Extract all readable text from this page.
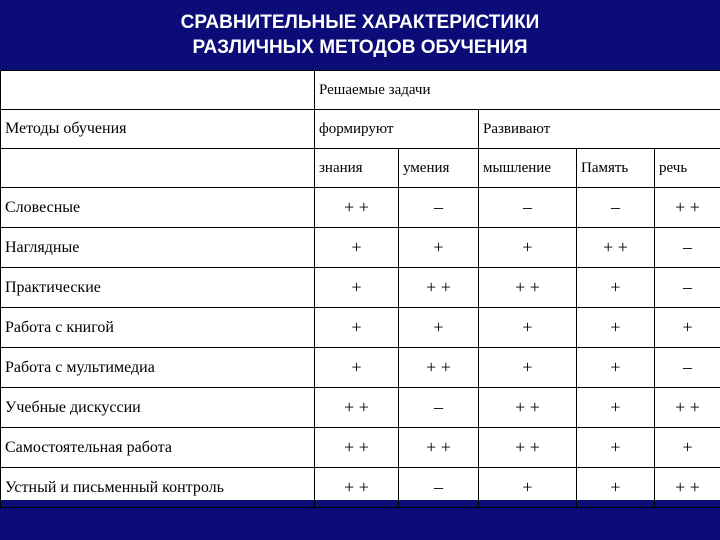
СРАВНИТЕЛЬНЫЕ ХАРАКТЕРИСТИКИ
РАЗЛИЧНЫХ МЕТОДОВ ОБУЧЕНИЯ
	Решаемые задачи				
Методы обучения	формируют		Развивают		
	знания	умения	мышление	Память	речь
Словесные	+ +	–	–	–	+ +
Наглядные	+	+	+	+ +	–
Практические	+	+ +	+ +	+	–
Работа с книгой	+	+	+	+	+
Работа с мультимедиа	+	+ +	+	+	–
Учебные дискуссии	+ +	–	+ +	+	+ +
Самостоятельная работа	+ +	+ +	+ +	+	+
Устный и письменный контроль	+ +	–	+	+	+ +
